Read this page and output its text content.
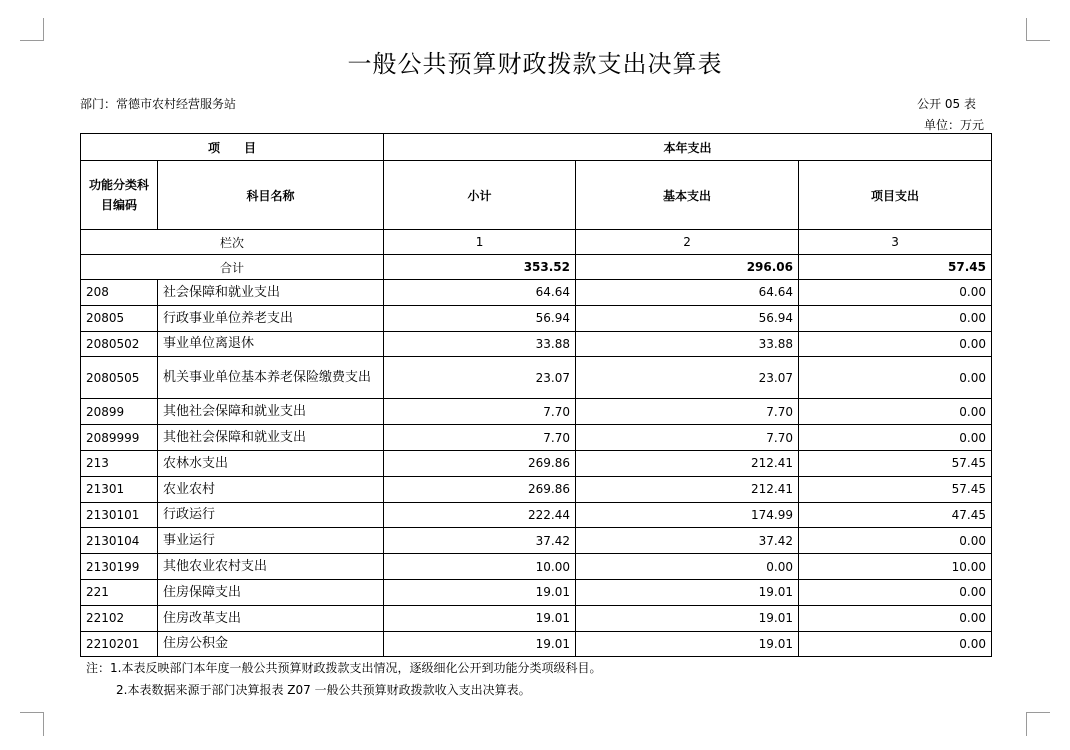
一般公共预算财政拨款支出决算表
部门：常德市农村经营服务站	公开 05 表
单位：万元
项　　目		本年支出		
功能分类科目编码	科目名称	小计	基本支出	项目支出
栏次		1	2	3
合计		353.52	296.06	57.45
208	社会保障和就业支出	64.64	64.64	0.00
20805	行政事业单位养老支出	56.94	56.94	0.00
2080502	事业单位离退休	33.88	33.88	0.00
2080505	机关事业单位基本养老保险缴费支出	23.07	23.07	0.00
20899	其他社会保障和就业支出	7.70	7.70	0.00
2089999	其他社会保障和就业支出	7.70	7.70	0.00
213	农林水支出	269.86	212.41	57.45
21301	农业农村	269.86	212.41	57.45
2130101	行政运行	222.44	174.99	47.45
2130104	事业运行	37.42	37.42	0.00
2130199	其他农业农村支出	10.00	0.00	10.00
221	住房保障支出	19.01	19.01	0.00
22102	住房改革支出	19.01	19.01	0.00
2210201	住房公积金	19.01	19.01	0.00
注：1.本表反映部门本年度一般公共预算财政拨款支出情况，逐级细化公开到功能分类项级科目。
2.本表数据来源于部门决算报表 Z07 一般公共预算财政拨款收入支出决算表。
